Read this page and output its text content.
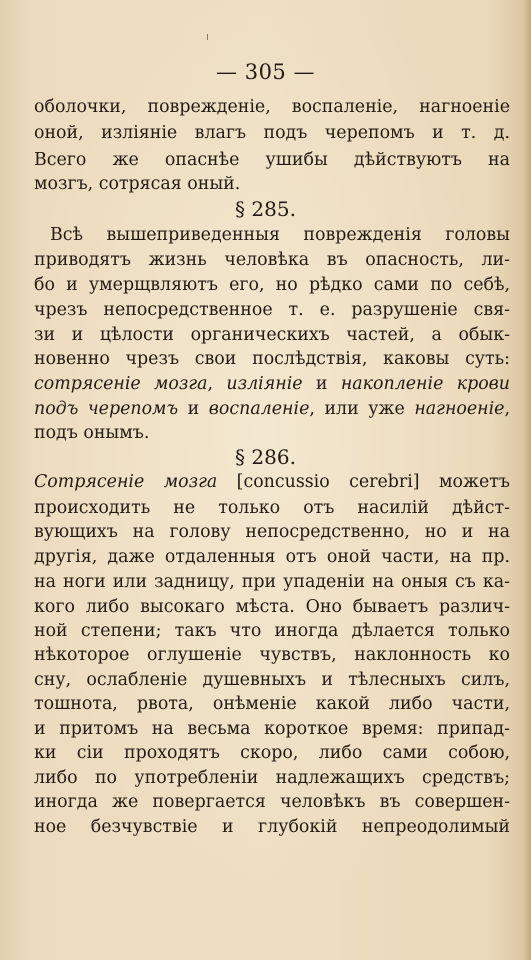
— 305 —
оболочки, поврежденіе, воспаленіе, нагноеніе
оной, излiянiе влагъ подъ черепомъ и т. д.
Всего же опаснѣе ушибы дѣйствуютъ на
мозгъ, сотрясая оный.
§ 285.
Всѣ вышеприведенныя поврежденія головы
приводятъ жизнь человѣка въ опасность, ли-
бо и умерщвляютъ его, но рѣдко сами по себѣ,
чрезъ непосредственное т. е. разрушеніе свя-
зи и цѣлости органическихъ частей, а обык-
новенно чрезъ свои послѣдствія, каковы суть:
сотрясеніе мозга, излiянiе и накопленіе крови
подъ черепомъ и воспаленіе, или уже нагноеніе,
подъ онымъ.
§ 286.
Сотрясеніе мозга [concussio cerebri] можетъ
происходить не только отъ насилій дѣйст-
вующихъ на голову непосредственно, но и на
другія, даже отдаленныя отъ оной части, на пр.
на ноги или задницу, при упаденіи на оныя съ ка-
кого либо высокаго мѣста. Оно бываетъ различ-
ной степени; такъ что иногда дѣлается только
нѣкоторое оглушеніе чувствъ, наклонность ко
сну, ослабленіе душевныхъ и тѣлесныхъ силъ,
тошнота, рвота, онѣменіе какой либо части,
и притомъ на весьма короткое время: припад-
ки сіи проходятъ скоро, либо сами собою,
либо по употребленіи надлежащихъ средствъ;
иногда же повергается человѣкъ въ совершен-
ное безчувствіе и глубокій непреодолимый
